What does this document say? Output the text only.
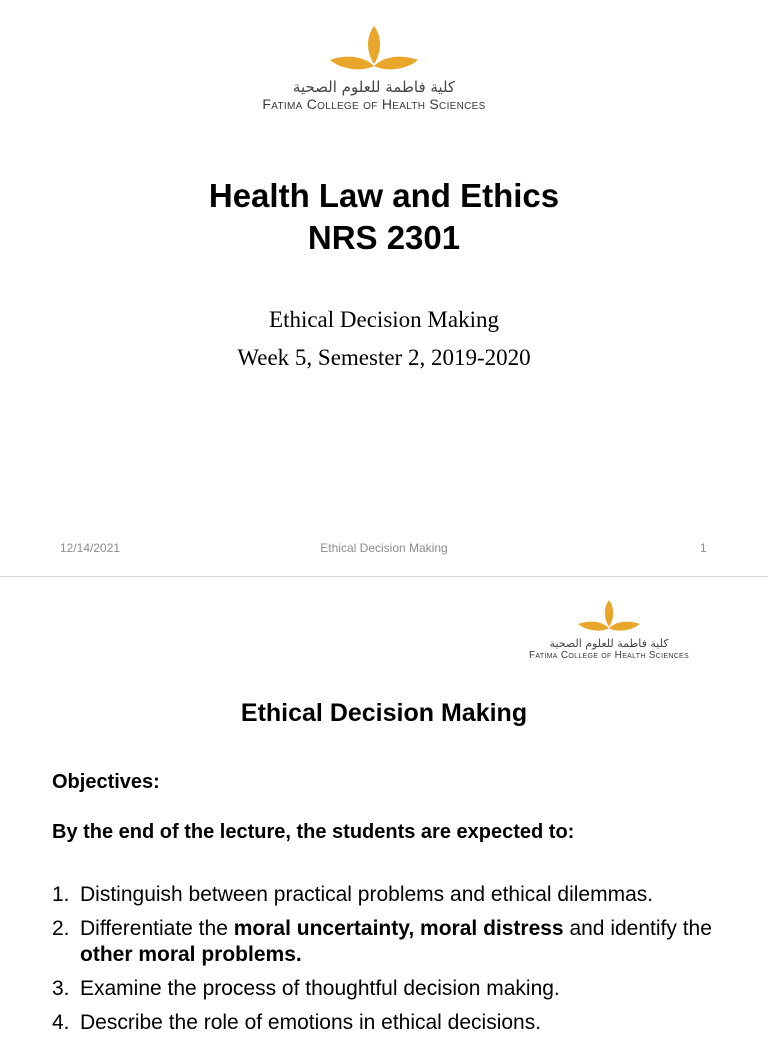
كلية فاطمة للعلوم الصحية
Fatima College of Health Sciences
Health Law and Ethics
NRS 2301
Ethical Decision Making
Week 5, Semester 2, 2019-2020
12/14/2021	Ethical Decision Making	1
كلية فاطمة للعلوم الصحية
Fatima College of Health Sciences
Ethical Decision Making
Objectives:
By the end of the lecture, the students are expected to:
1. Distinguish between practical problems and ethical dilemmas.
2. Differentiate the moral uncertainty, moral distress and identify the other moral problems.
3. Examine the process of thoughtful decision making.
4. Describe the role of emotions in ethical decisions.
